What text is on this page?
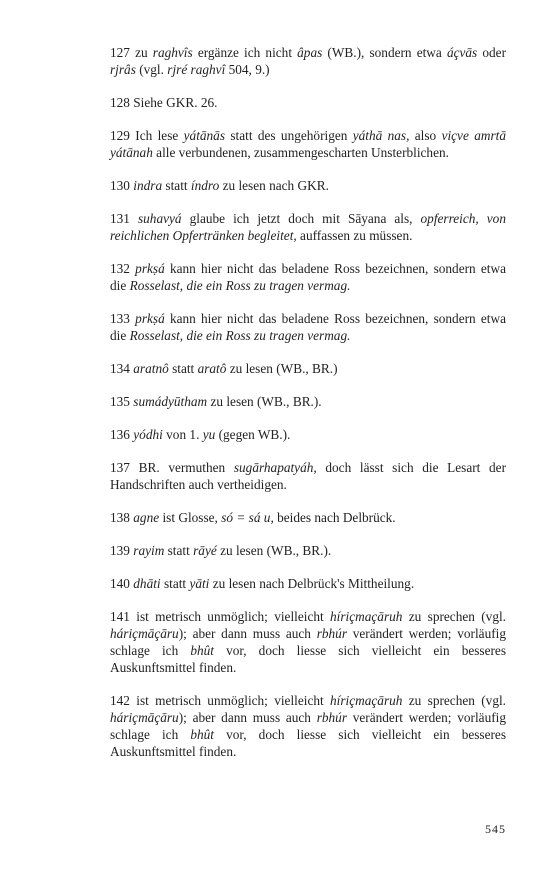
127 zu raghvîs ergänze ich nicht âpas (WB.), sondern etwa áçvās oder rjrâs (vgl. rjré raghvî 504, 9.)

128 Siehe GKR. 26.

129 Ich lese yátānās statt des ungehörigen yáthā nas, also viçve amrtā yátānah alle verbundenen, zusammengescharten Unsterblichen.

130 indra statt índro zu lesen nach GKR.

131 suhavyá glaube ich jetzt doch mit Sāyana als, opferreich, von reichlichen Opfertränken begleitet, auffassen zu müssen.

132 prkṣá kann hier nicht das beladene Ross bezeichnen, sondern etwa die Rosselast, die ein Ross zu tragen vermag.

133 prkṣá kann hier nicht das beladene Ross bezeichnen, sondern etwa die Rosselast, die ein Ross zu tragen vermag.

134 aratnô statt aratô zu lesen (WB., BR.)

135 sumádyūtham zu lesen (WB., BR.).

136 yódhi von 1. yu (gegen WB.).

137 BR. vermuthen sugārhapatyáh, doch lässt sich die Lesart der Handschriften auch vertheidigen.

138 agne ist Glosse, só = sá u, beides nach Delbrück.

139 rayim statt rāyé zu lesen (WB., BR.).

140 dhāti statt yāti zu lesen nach Delbrück's Mittheilung.

141 ist metrisch unmöglich; vielleicht híriçmaçāruh zu sprechen (vgl. háriçmāçāru); aber dann muss auch rbhúr verändert werden; vorläufig schlage ich bhût vor, doch liesse sich vielleicht ein besseres Auskunftsmittel finden.

142 ist metrisch unmöglich; vielleicht híriçmaçāruh zu sprechen (vgl. háriçmāçāru); aber dann muss auch rbhúr verändert werden; vorläufig schlage ich bhût vor, doch liesse sich vielleicht ein besseres Auskunftsmittel finden.

545
